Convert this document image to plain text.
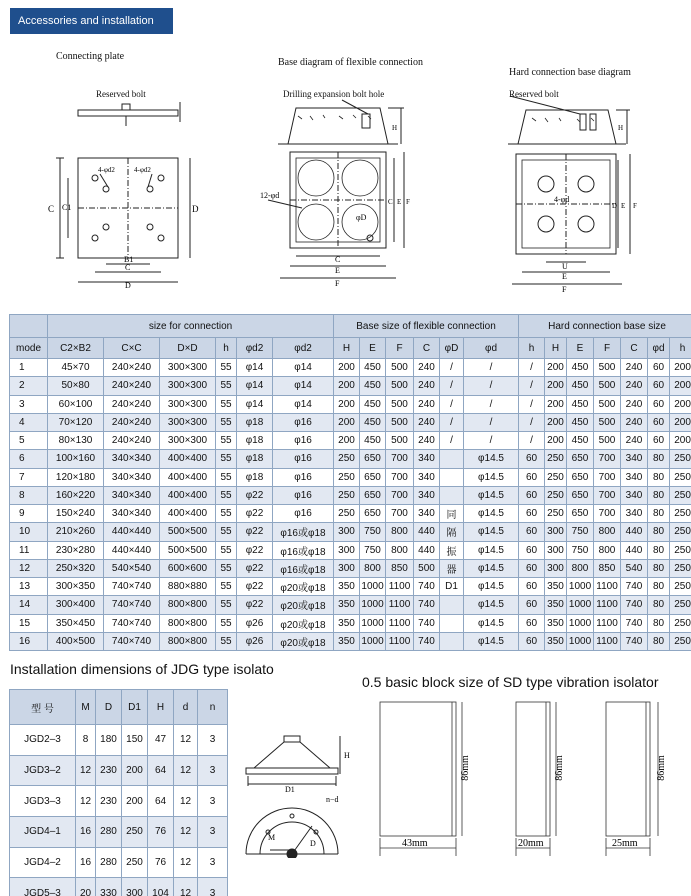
Accessories and installation dimensions
Connecting plate
Base diagram of flexible connection
Hard connection base diagram
Reserved bolt	Drilling expansion bolt hole	Reserved bolt
C C1	D
B1
C
D
4-φd2	4-φd2
H
12-φd
φD
C E F
C
E
F
H
4-φd
U
E
F
D E F
	size for connection						Base size of flexible connection						Hard connection base size						
mode	C2×B2	C×C	D×D	h	φd2	φd2	H	E	F	C	φD	φd	h	H	E	F	C	φd	h
1	45×70	240×240	300×300	55	φ14	φ14	200	450	500	240	/	/	/	200	450	500	240	60	200
2	50×80	240×240	300×300	55	φ14	φ14	200	450	500	240	/	/	/	200	450	500	240	60	200
3	60×100	240×240	300×300	55	φ14	φ14	200	450	500	240	/	/	/	200	450	500	240	60	200
4	70×120	240×240	300×300	55	φ18	φ16	200	450	500	240	/	/	/	200	450	500	240	60	200
5	80×130	240×240	300×300	55	φ18	φ16	200	450	500	240	/	/	/	200	450	500	240	60	200
6	100×160	340×340	400×400	55	φ18	φ16	250	650	700	340		φ14.5	60	250	650	700	340	80	250
7	120×180	340×340	400×400	55	φ18	φ16	250	650	700	340		φ14.5	60	250	650	700	340	80	250
8	160×220	340×340	400×400	55	φ22	φ16	250	650	700	340		φ14.5	60	250	650	700	340	80	250
9	150×240	340×340	400×400	55	φ22	φ16	250	650	700	340	同	φ14.5	60	250	650	700	340	80	250
10	210×260	440×440	500×500	55	φ22	φ16或φ18	300	750	800	440	隔	φ14.5	60	300	750	800	440	80	250
11	230×280	440×440	500×500	55	φ22	φ16或φ18	300	750	800	440	振	φ14.5	60	300	750	800	440	80	250
12	250×320	540×540	600×600	55	φ22	φ16或φ18	300	800	850	500	器	φ14.5	60	300	800	850	540	80	250
13	300×350	740×740	880×880	55	φ22	φ20或φ18	350	1000	1100	740	D1	φ14.5	60	350	1000	1100	740	80	250
14	300×400	740×740	800×800	55	φ22	φ20或φ18	350	1000	1100	740		φ14.5	60	350	1000	1100	740	80	250
15	350×450	740×740	800×800	55	φ26	φ20或φ18	350	1000	1100	740		φ14.5	60	350	1000	1100	740	80	250
16	400×500	740×740	800×800	55	φ26	φ20或φ18	350	1000	1100	740		φ14.5	60	350	1000	1100	740	80	250
Installation dimensions of JDG type isolato
0.5 basic block size of SD type vibration isolator
型 号	M	D	D1	H	d	n
JGD2–3	8	180	150	47	12	3
JGD3–2	12	230	200	64	12	3
JGD3–3	12	230	200	64	12	3
JGD4–1	16	280	250	76	12	3
JGD4–2	16	280	250	76	12	3
JGD5–3	20	330	300	104	12	3
H
D1
n−d
M
D
86mm
43mm
86mm
20mm
86mm
25mm
